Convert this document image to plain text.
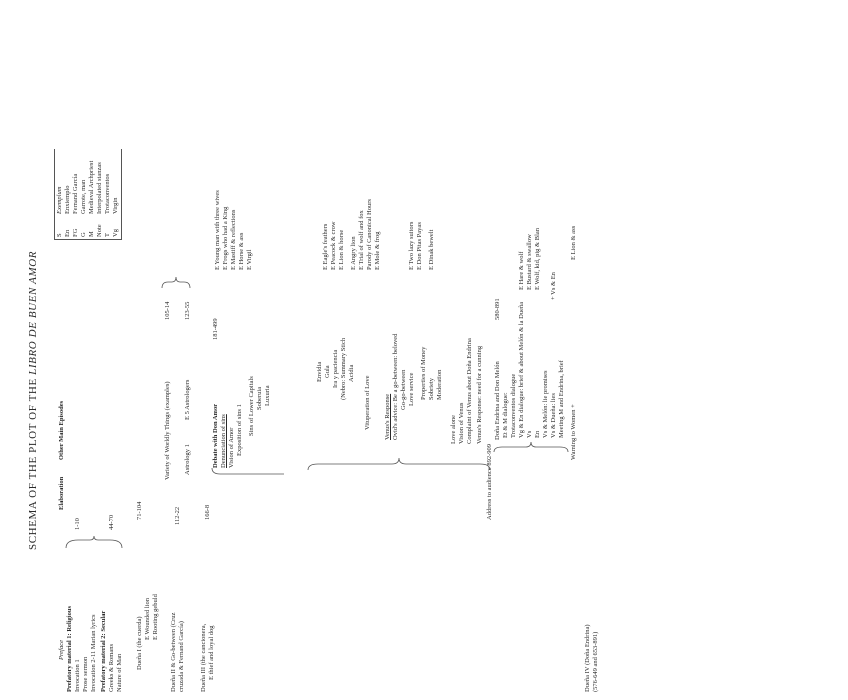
SCHEMA OF THE PLOT OF THE LIBRO DE BUEN AMOR
Preface
Elaboration
Other Main Episodes
S
Exemplum
En
Enxiemplo
FG
Fernand García
G
Garrote, man
M
Medieval Archpriest
Note
Interpolated stanzas
T
Trotaconventos
Vg
Virgin
Prefatory material 1: Religious Invocation 1 Prose sermon Invocation 2-11 Marian lyrics
1-10
Prefatory material 2: Secular Greeks & Romans Nature of Man
44-70
Dueña I (the cuerda)
71-104
E Wounded lion E Rooting gebuld Dueña II & Go-between (Cruz cruzada & Fernand García)
112-22
Variety of Worldly Things (examples)
105-14
Astrology 1
E 5 Astrologers
123-55
Dueña III (the cancionera, E thief and loyal dog
166-8
Debate with Don Amor
181-499
Denunciation of sins Vision of Amor Exposition of sins 1 Sins of Lower Capitals Soberuia Luxuria
E Young man with three wives E Frogs who had a King E Mastiff & reflections E Horse & ass E Virgil
Envidia Gula Ira y paciencia (Nebro: Summary Stich Acidia
Vituperation of Love Venus's Response Ovid's advice: Be a go-between: beloved Go-go-between Love service Properties of Money Sobriety Moderation
Love alone Vision of Venus Complaint of Venus about Doña Endrina
E Eagle's feathers E Peacock & crow E Lion & horse E Angry lion E Trial of wolf and fox Parody of Canonical Hours E Mole & frog	E Two lazy suitors E Don Pitas Payas E Dinak bewelt
Dueña IV (Doña Endrina) (576-649 and 653-891)
Venus's Response: need for a cunning
Address to audience 892-909
Doña Endrina and Don Melón
580-891
Et & M dialogue: Trotaconventos dialogue Vg & En dialogue: brief & about Melón & la Dueña Vs En Vs & Melón: lie promises Vs & Dueña: lies Meeting M and Endrina, brief
E Hare & wolf E Bustard & swallow E Wolf, kid, pig & Blan + Vs & En
Warning to Women +
E Lion & ass
